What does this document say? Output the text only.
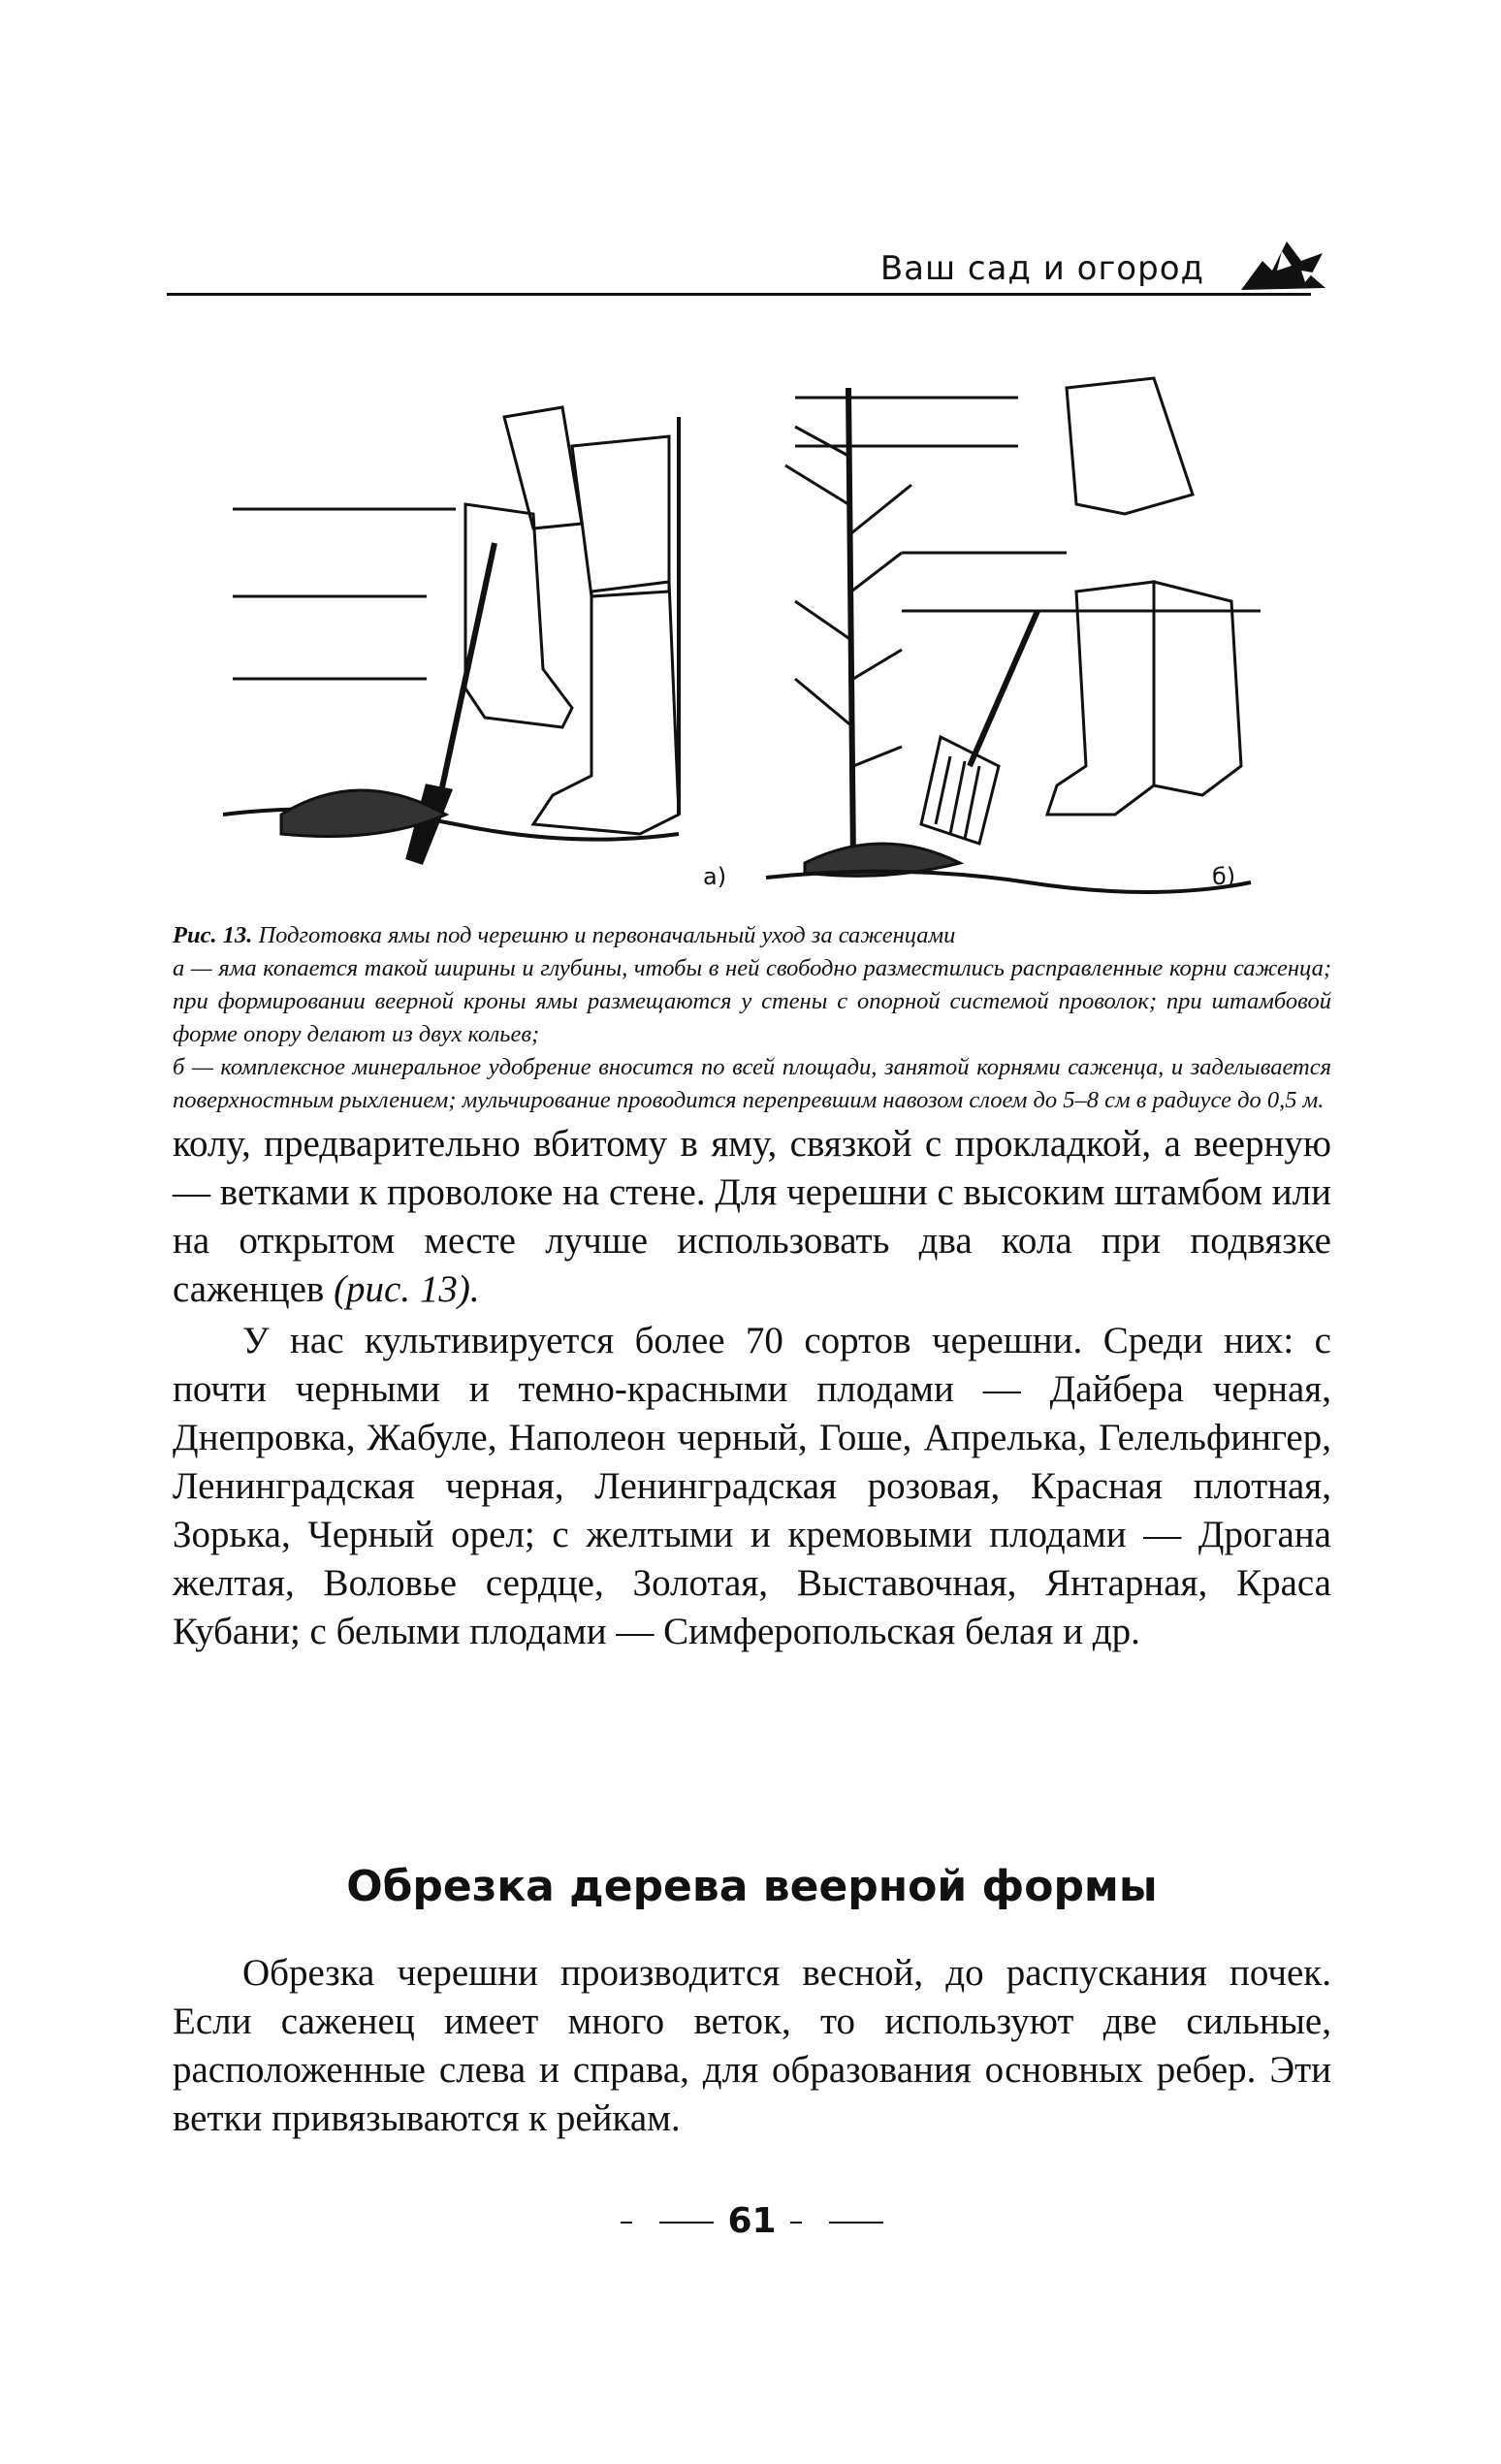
Ваш сад и огород
а)	б)

Рис. 13. Подготовка ямы под черешню и первоначальный уход за саженцами

а — яма копается такой ширины и глубины, чтобы в ней свободно разместились расправленные корни саженца; при формировании веерной кроны ямы размещаются у стены с опорной системой проволок; при штамбовой форме опору делают из двух кольев;

б — комплексное минеральное удобрение вносится по всей площади, занятой корнями саженца, и заделывается поверхностным рыхлением; мульчирование проводится перепревшим навозом слоем до 5–8 см в радиусе до 0,5 м.

колу, предварительно вбитому в яму, связкой с прокладкой, а веерную — ветками к проволоке на стене. Для черешни с высоким штамбом или на открытом месте лучше использовать два кола при подвязке саженцев (рис. 13).

У нас культивируется более 70 сортов черешни. Среди них: с почти черными и темно-красными плодами — Дайбера черная, Днепровка, Жабуле, Наполеон черный, Гоше, Апрелька, Гелельфингер, Ленинградская черная, Ленинградская розовая, Красная плотная, Зорька, Черный орел; с желтыми и кремовыми плодами — Дрогана желтая, Воловье сердце, Золотая, Выставочная, Янтарная, Краса Кубани; с белыми плодами — Симферопольская белая и др.

Обрезка дерева веерной формы

Обрезка черешни производится весной, до распускания почек. Если саженец имеет много веток, то используют две сильные, расположенные слева и справа, для образования основных ребер. Эти ветки привязываются к рейкам.

61
